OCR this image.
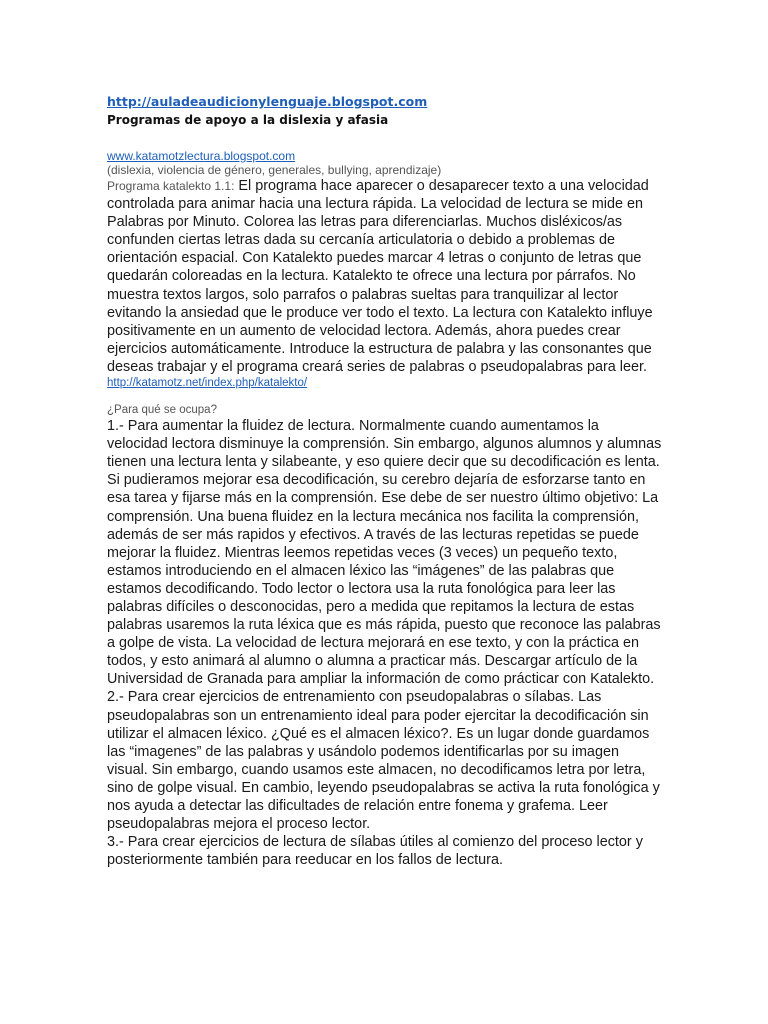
http://auladeaudicionylenguaje.blogspot.com
Programas de apoyo a la dislexia y afasia
www.katamotzlectura.blogspot.com
(dislexia, violencia de género, generales, bullying, aprendizaje)

Programa katalekto 1.1: El programa hace aparecer o desaparecer texto a una velocidad controlada para animar hacia una lectura rápida. La velocidad de lectura se mide en Palabras por Minuto. Colorea las letras para diferenciarlas. Muchos disléxicos/as confunden ciertas letras dada su cercanía articulatoria o debido a problemas de orientación espacial. Con Katalekto puedes marcar 4 letras o conjunto de letras que quedarán coloreadas en la lectura. Katalekto te ofrece una lectura por párrafos. No muestra textos largos, solo parrafos o palabras sueltas para tranquilizar al lector evitando la ansiedad que le produce ver todo el texto. La lectura con Katalekto influye positivamente en un aumento de velocidad lectora. Además, ahora puedes crear ejercicios automáticamente. Introduce la estructura de palabra y las consonantes que deseas trabajar y el programa creará series de palabras o pseudopalabras para leer.

http://katamotz.net/index.php/katalekto/
¿Para qué se ocupa?

1.- Para aumentar la fluidez de lectura. Normalmente cuando aumentamos la velocidad lectora disminuye la comprensión. Sin embargo, algunos alumnos y alumnas tienen una lectura lenta y silabeante, y eso quiere decir que su decodificación es lenta. Si pudieramos mejorar esa decodificación, su cerebro dejaría de esforzarse tanto en esa tarea y fijarse más en la comprensión. Ese debe de ser nuestro último objetivo: La comprensión. Una buena fluidez en la lectura mecánica nos facilita la comprensión, además de ser más rapidos y efectivos. A través de las lecturas repetidas se puede mejorar la fluidez. Mientras leemos repetidas veces (3 veces) un pequeño texto, estamos introduciendo en el almacen léxico las “imágenes” de las palabras que estamos decodificando. Todo lector o lectora usa la ruta fonológica para leer las palabras difíciles o desconocidas, pero a medida que repitamos la lectura de estas palabras usaremos la ruta léxica que es más rápida, puesto que reconoce las palabras a golpe de vista. La velocidad de lectura mejorará en ese texto, y con la práctica en todos, y esto animará al alumno o alumna a practicar más. Descargar artículo de la Universidad de Granada para ampliar la información de como prácticar con Katalekto.

2.- Para crear ejercicios de entrenamiento con pseudopalabras o sílabas. Las pseudopalabras son un entrenamiento ideal para poder ejercitar la decodificación sin utilizar el almacen léxico. ¿Qué es el almacen léxico?. Es un lugar donde guardamos las “imagenes” de las palabras y usándolo podemos identificarlas por su imagen visual. Sin embargo, cuando usamos este almacen, no decodificamos letra por letra, sino de golpe visual. En cambio, leyendo pseudopalabras se activa la ruta fonológica y nos ayuda a detectar las dificultades de relación entre fonema y grafema. Leer pseudopalabras mejora el proceso lector.

3.- Para crear ejercicios de lectura de sílabas útiles al comienzo del proceso lector y posteriormente también para reeducar en los fallos de lectura.
